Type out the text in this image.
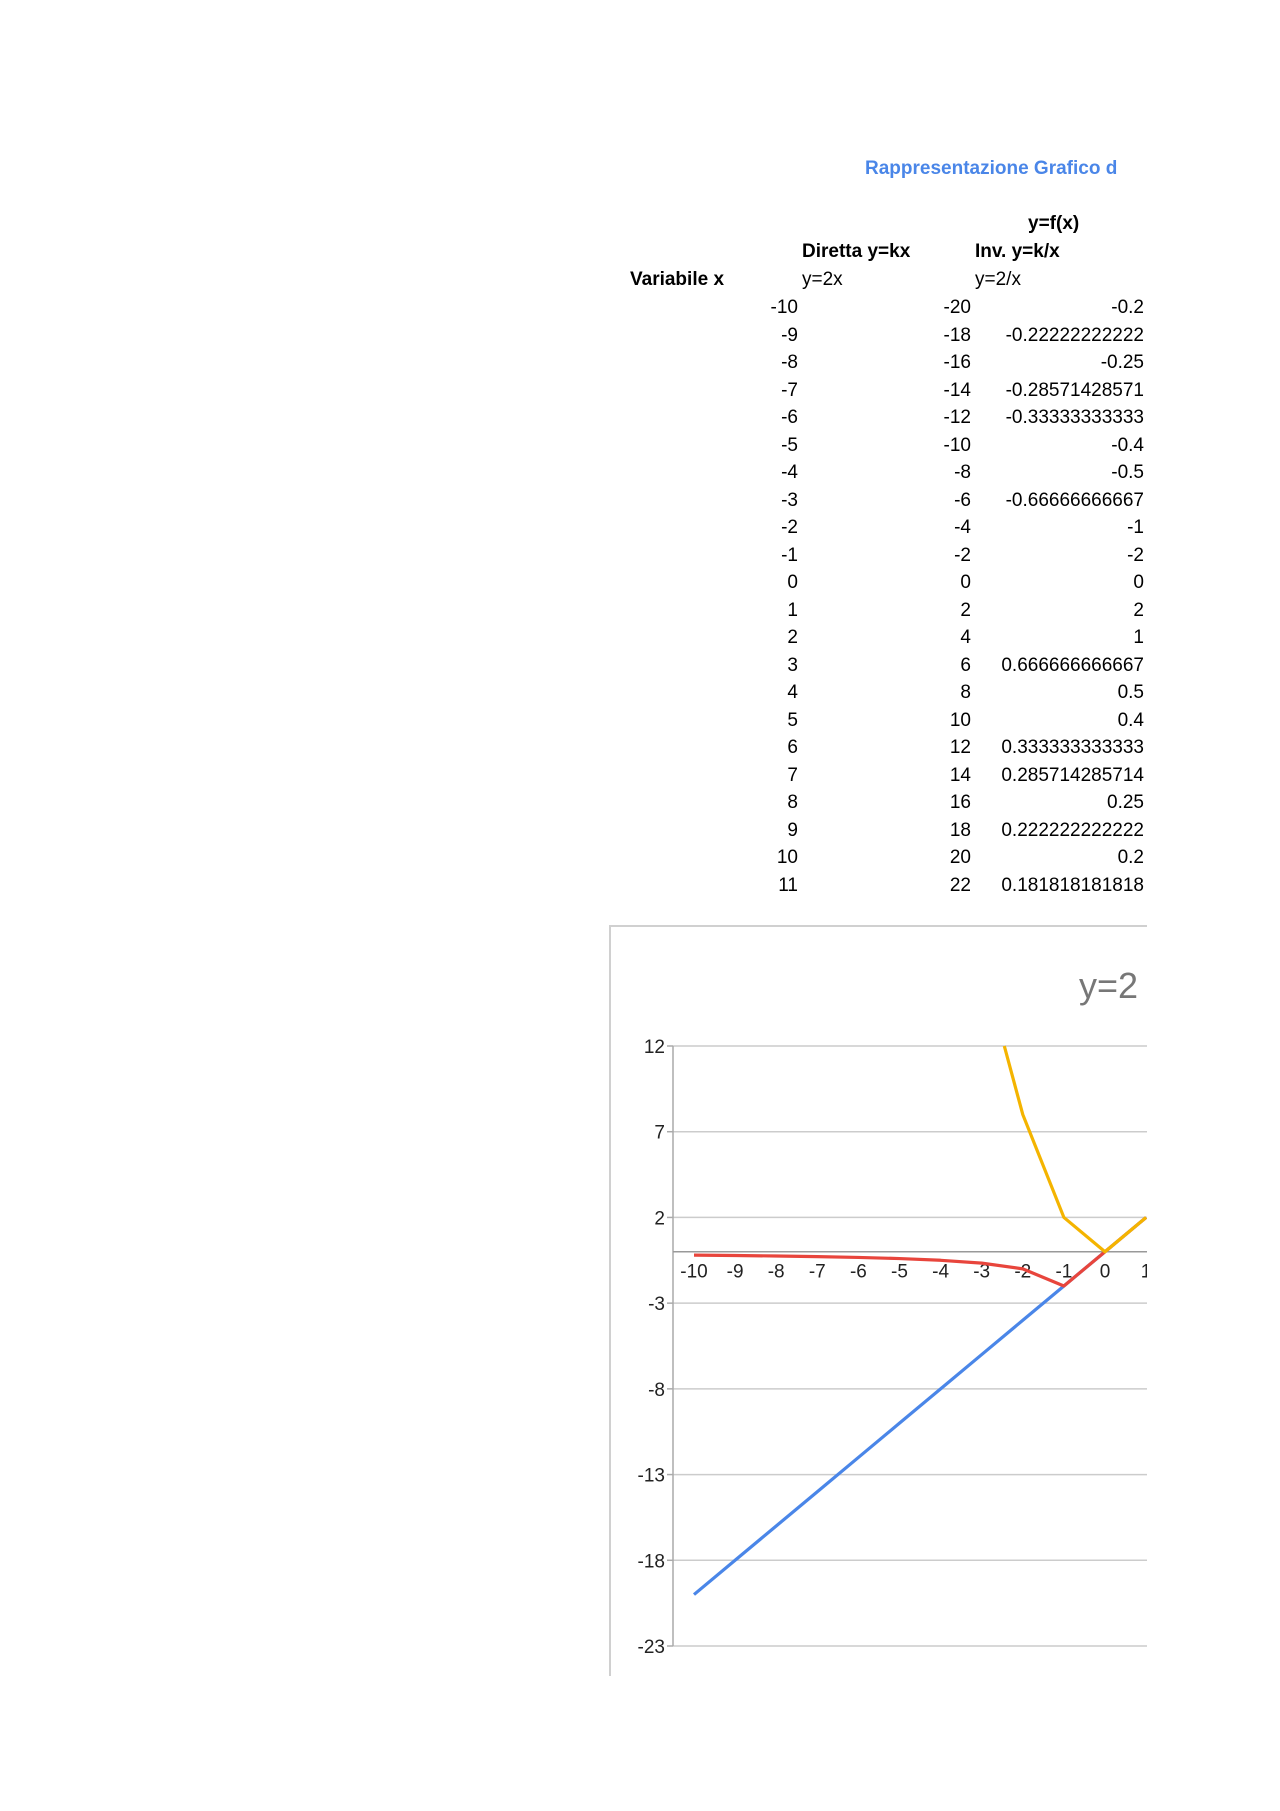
Rappresentazione Grafico d
y=f(x)
Diretta y=kx	Inv. y=k/x
Variabile x	y=2x	y=2/x
-10	-20	-0.2
-9	-18	-0.22222222222
-8	-16	-0.25
-7	-14	-0.28571428571
-6	-12	-0.33333333333
-5	-10	-0.4
-4	-8	-0.5
-3	-6	-0.66666666667
-2	-4	-1
-1	-2	-2
0	0	0
1	2	2
2	4	1
3	6	0.666666666667
4	8	0.5
5	10	0.4
6	12	0.333333333333
7	14	0.285714285714
8	16	0.25
9	18	0.222222222222
10	20	0.2
11	22	0.181818181818
y=2
12
7
2
-3
-8
-13
-18
-23
-10 -9 -8 -7 -6 -5 -4 -3 -2 -1 0 1
